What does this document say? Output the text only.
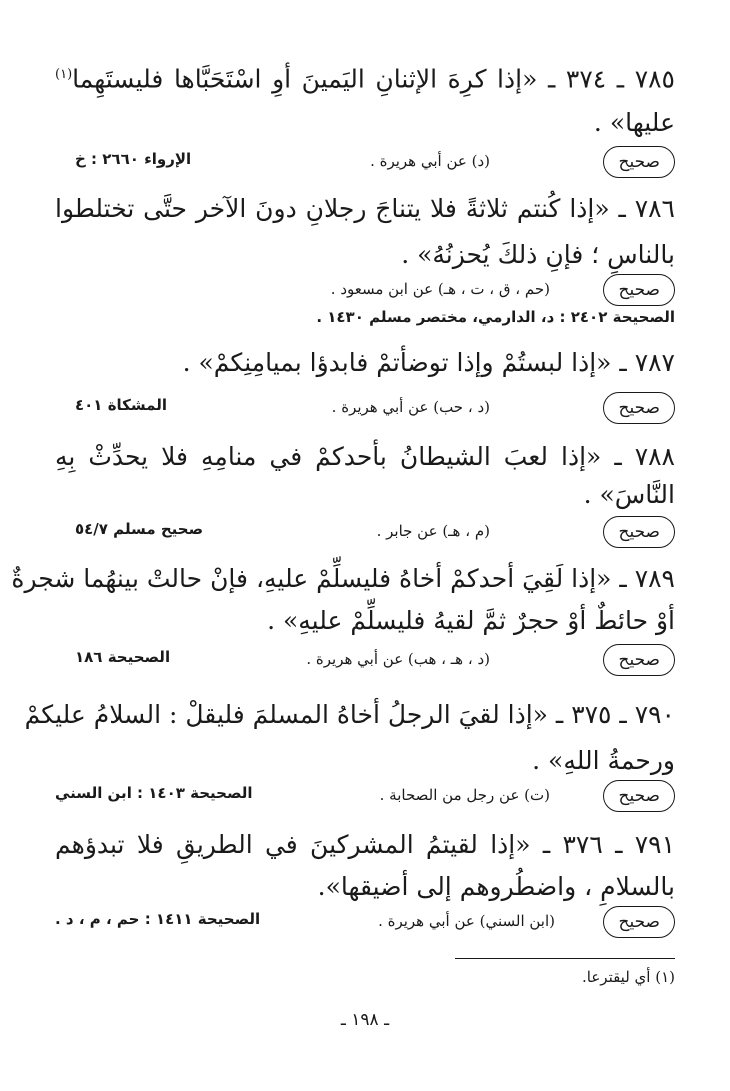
٧٨٥ ـ ٣٧٤ ـ «إذا كرِهَ الإثنانِ اليَمينَ أوِ اسْتَحَبَّاها فليستَهِما$^{(١)}$
عليها» .
صحيح
(د) عن أبي هريرة .
الإرواء ٢٦٦٠ : خ
٧٨٦ ـ «إذا كُنتم ثلاثةً فلا يتناجَ رجلانِ دونَ الآخر حتَّى تختلطوا
بالناسِ ؛ فإنِ ذلكَ يُحزنُهُ» .
صحيح
(حم ، ق ، ت ، هـ) عن ابن مسعود .
الصحيحة ٢٤٠٢ : د، الدارمي، مختصر مسلم ١٤٣٠ .
٧٨٧ ـ «إذا لبستُمْ وإذا توضأتمْ فابدؤا بميامِنِكمْ» .
صحيح
(د ، حب) عن أبي هريرة .
المشكاة ٤٠١
٧٨٨ ـ «إذا لعبَ الشيطانُ بأحدكمْ في منامِهِ فلا يحدِّثْ بِهِ
النَّاسَ» .
صحيح
(م ، هـ) عن جابر .
صحيح مسلم ٥٤/٧
٧٨٩ ـ «إذا لَقِيَ أحدكمْ أخاهُ فليسلِّمْ عليهِ، فإنْ حالتْ بينهُما شجرةٌ
أوْ حائطٌ أوْ حجرٌ ثمَّ لقيهُ فليسلِّمْ عليهِ» .
صحيح
(د ، هـ ، هب) عن أبي هريرة .
الصحيحة ١٨٦
٧٩٠ ـ ٣٧٥ ـ «إذا لقيَ الرجلُ أخاهُ المسلمَ فليقلْ : السلامُ عليكمْ
ورحمةُ اللهِ» .
صحيح
(ت) عن رجل من الصحابة .
الصحيحة ١٤٠٣ : ابن السني
٧٩١ ـ ٣٧٦ ـ «إذا لقيتمُ المشركينَ في الطريقِ فلا تبدؤهم
بالسلامِ ، واضطُروهم إلى أضيقها».
صحيح
(ابن السني) عن أبي هريرة .
الصحيحة ١٤١١ : حم ، م ، د .
(١) أي ليقترعا.
ـ ١٩٨ ـ
